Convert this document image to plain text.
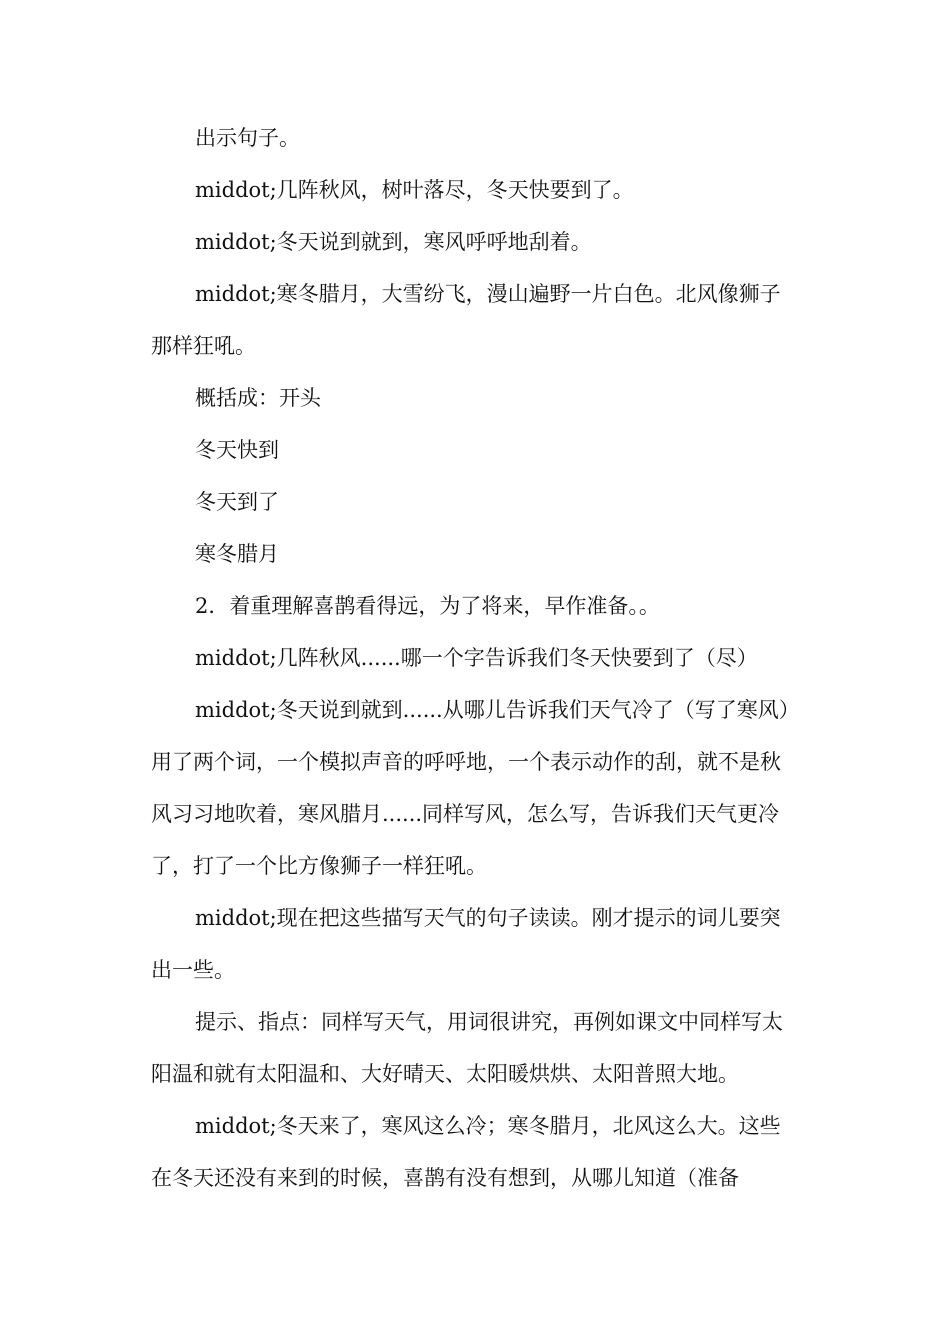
出示句子。

middot;几阵秋风，树叶落尽，冬天快要到了。

middot;冬天说到就到，寒风呼呼地刮着。

middot;寒冬腊月，大雪纷飞，漫山遍野一片白色。北风像狮子那样狂吼。

概括成：开头

冬天快到

冬天到了

寒冬腊月

2．着重理解喜鹊看得远，为了将来，早作准备。。

middot;几阵秋风......哪一个字告诉我们冬天快要到了（尽）

middot;冬天说到就到......从哪儿告诉我们天气冷了（写了寒风）用了两个词，一个模拟声音的呼呼地，一个表示动作的刮，就不是秋风习习地吹着，寒风腊月......同样写风，怎么写，告诉我们天气更冷了，打了一个比方像狮子一样狂吼。

middot;现在把这些描写天气的句子读读。刚才提示的词儿要突出一些。

提示、指点：同样写天气，用词很讲究，再例如课文中同样写太阳温和就有太阳温和、大好晴天、太阳暖烘烘、太阳普照大地。

middot;冬天来了，寒风这么冷；寒冬腊月，北风这么大。这些在冬天还没有来到的时候，喜鹊有没有想到，从哪儿知道（准备
